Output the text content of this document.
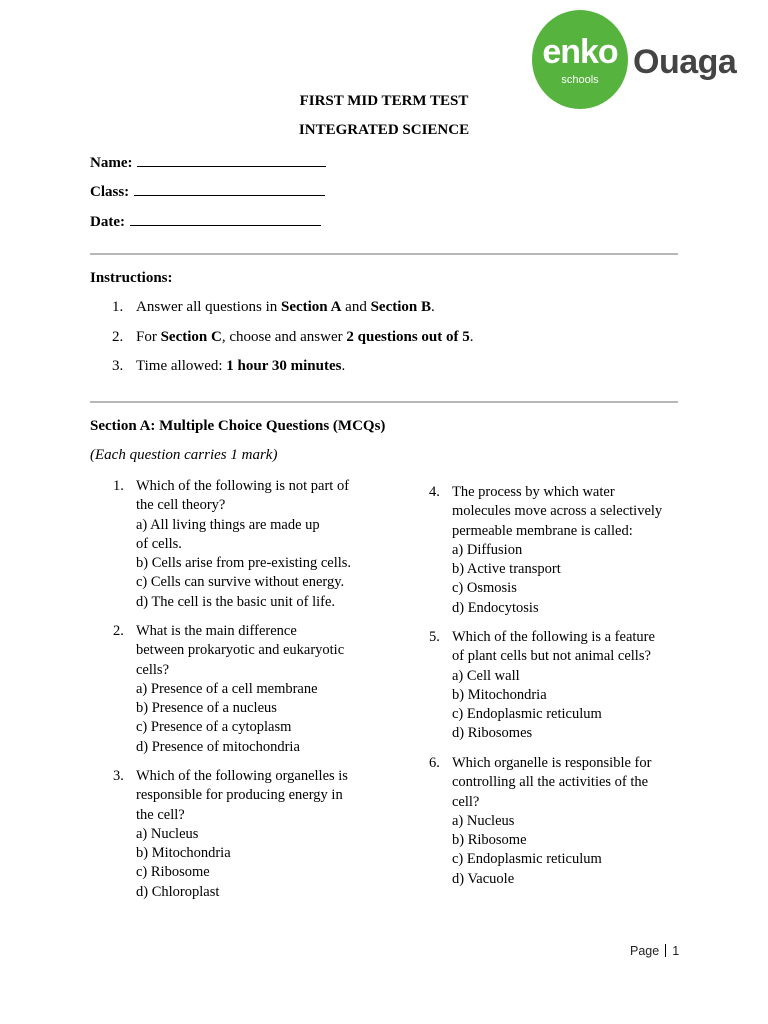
enko
schools	Ouaga
FIRST MID TERM TEST
INTEGRATED SCIENCE
Name:
Class:
Date:
Instructions:
1. Answer all questions in Section A and Section B.
2. For Section C, choose and answer 2 questions out of 5.
3. Time allowed: 1 hour 30 minutes.
Section A: Multiple Choice Questions (MCQs)
(Each question carries 1 mark)
1. Which of the following is not part of
the cell theory?
a) All living things are made up
of cells.
b) Cells arise from pre-existing cells.
c) Cells can survive without energy.
d) The cell is the basic unit of life.
2. What is the main difference
between prokaryotic and eukaryotic
cells?
a) Presence of a cell membrane
b) Presence of a nucleus
c) Presence of a cytoplasm
d) Presence of mitochondria
3. Which of the following organelles is
responsible for producing energy in
the cell?
a) Nucleus
b) Mitochondria
c) Ribosome
d) Chloroplast
4. The process by which water
molecules move across a selectively
permeable membrane is called:
a) Diffusion
b) Active transport
c) Osmosis
d) Endocytosis
5. Which of the following is a feature
of plant cells but not animal cells?
a) Cell wall
b) Mitochondria
c) Endoplasmic reticulum
d) Ribosomes
6. Which organelle is responsible for
controlling all the activities of the
cell?
a) Nucleus
b) Ribosome
c) Endoplasmic reticulum
d) Vacuole
Page 1
